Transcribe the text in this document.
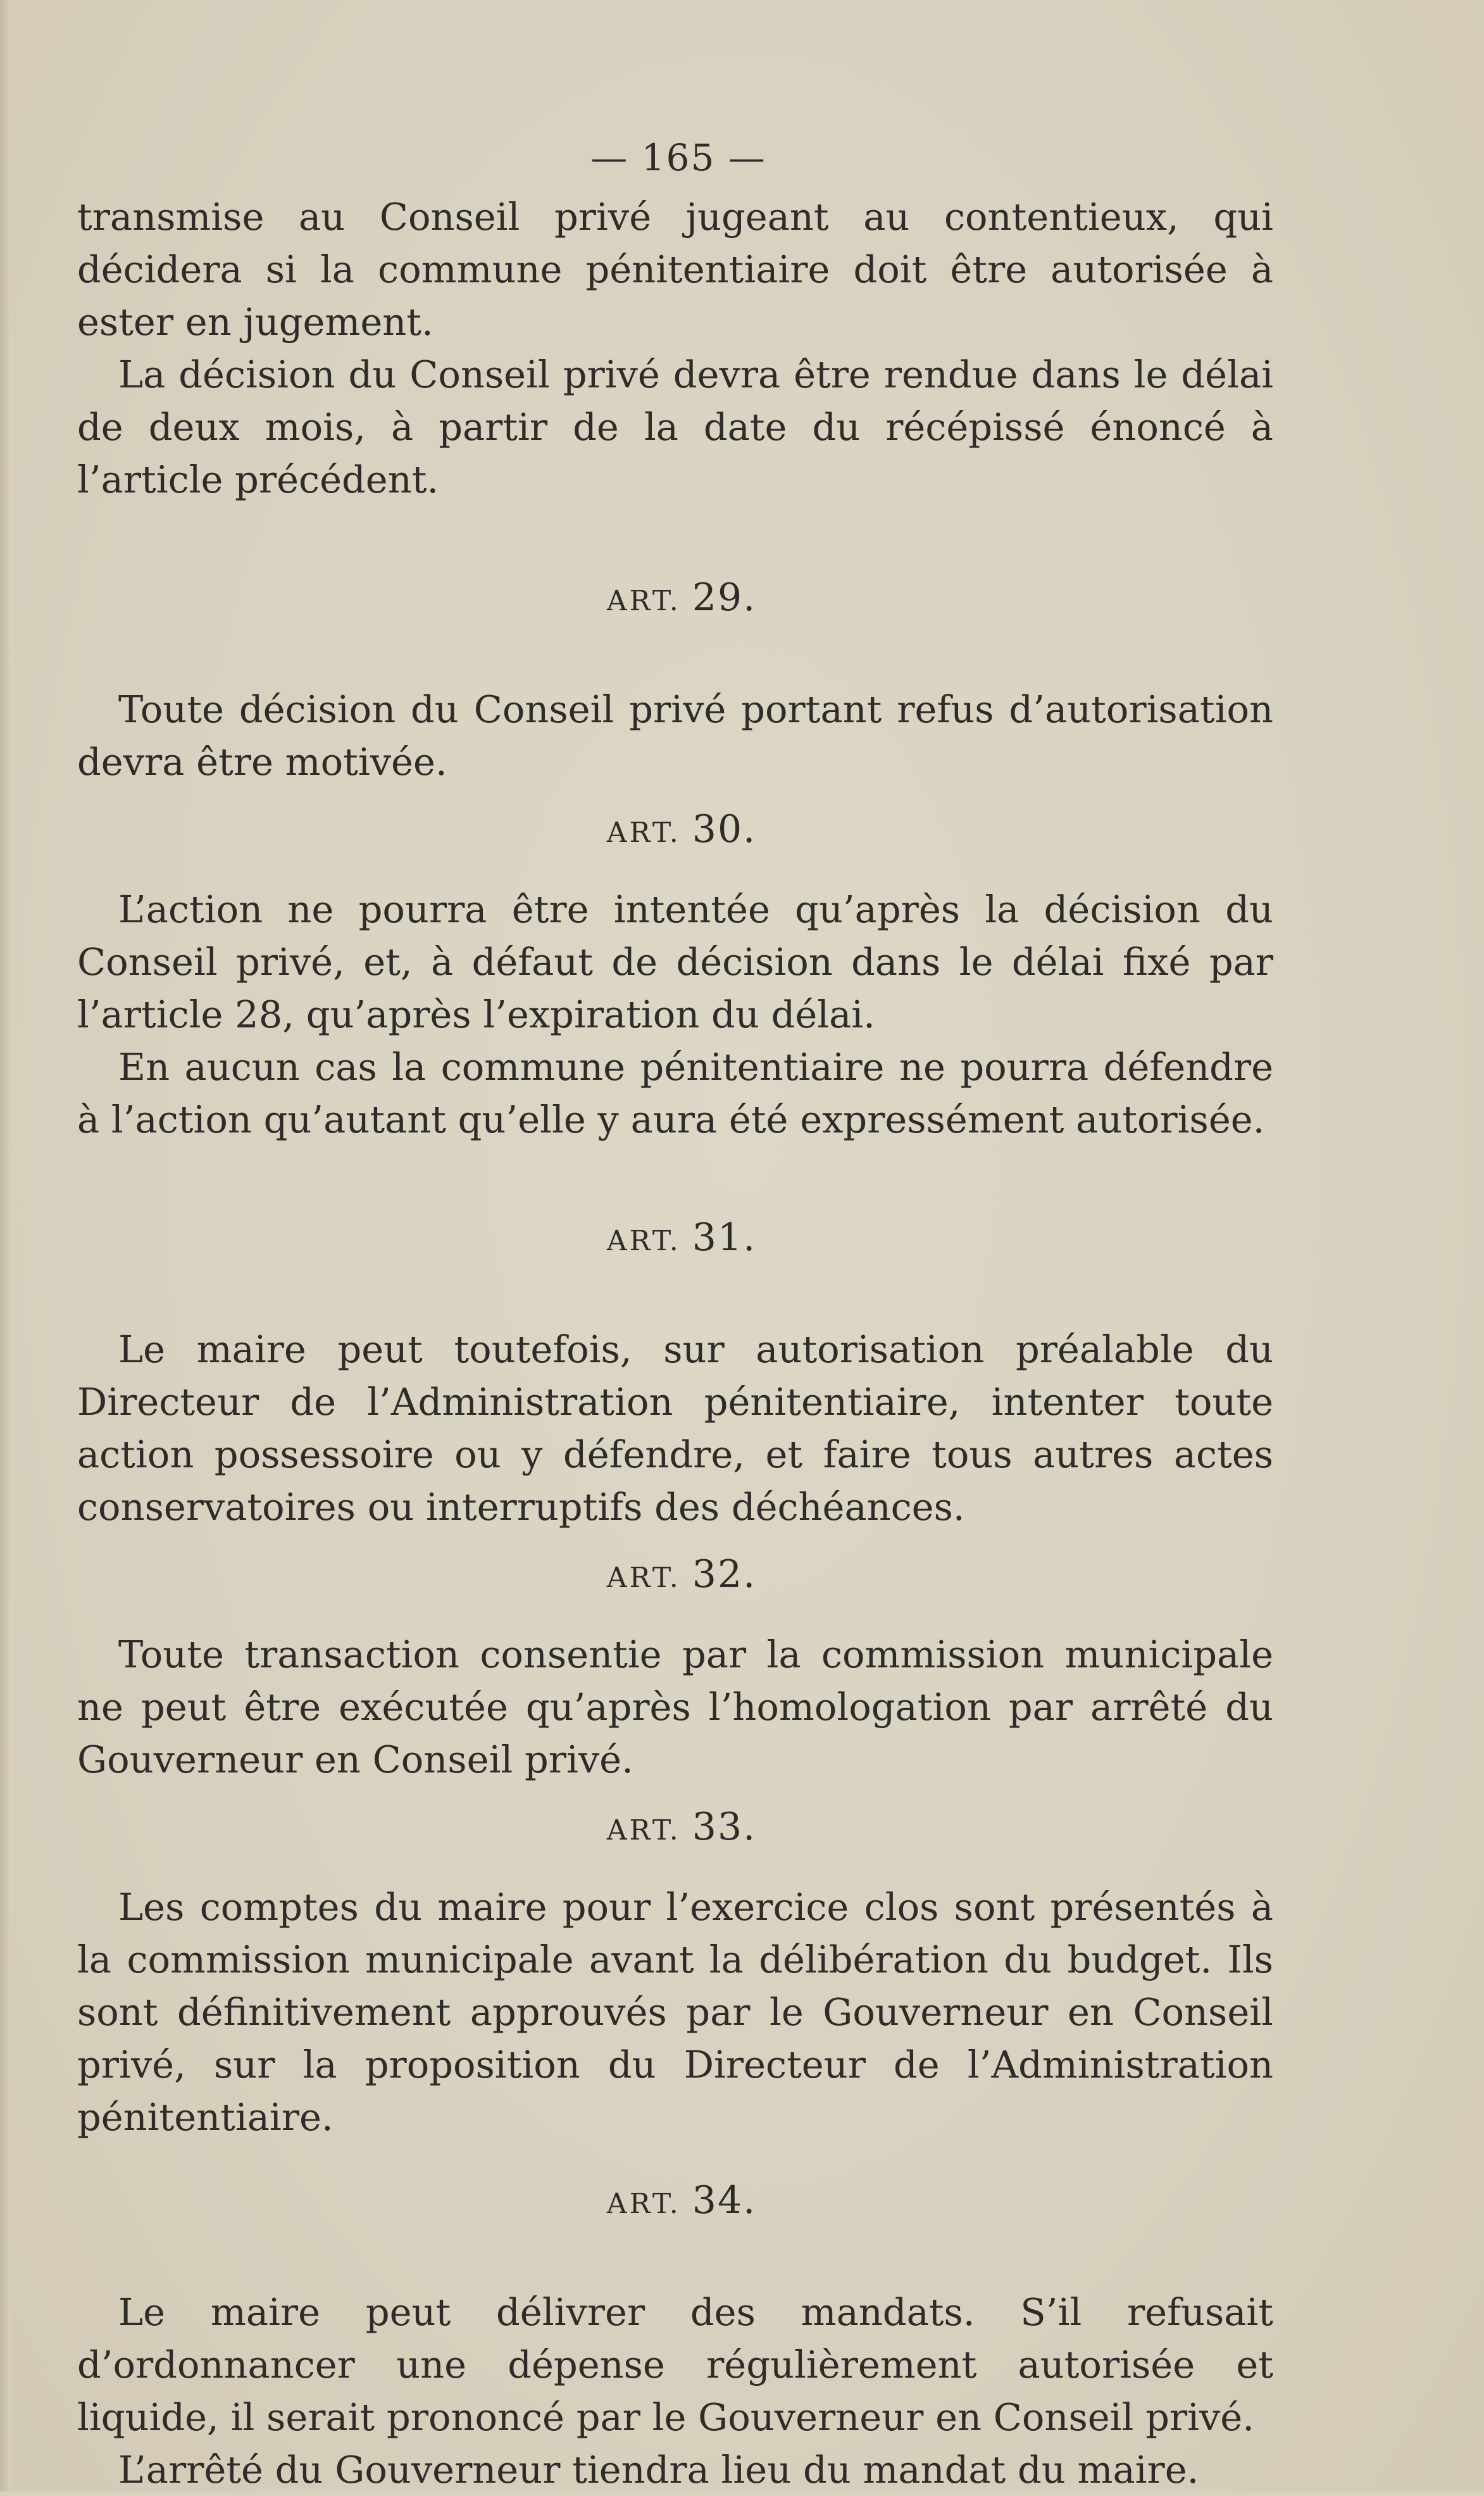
— 165 —

transmise au Conseil privé jugeant au contentieux, qui décidera si la commune pénitentiaire doit être autorisée à ester en jugement.

La décision du Conseil privé devra être rendue dans le délai de deux mois, à partir de la date du récépissé énoncé à l’article précédent.

ART. 29.

Toute décision du Conseil privé portant refus d’autorisation devra être motivée.

ART. 30.

L’action ne pourra être intentée qu’après la décision du Conseil privé, et, à défaut de décision dans le délai fixé par l’article 28, qu’après l’expiration du délai.

En aucun cas la commune pénitentiaire ne pourra défendre à l’action qu’autant qu’elle y aura été expressément autorisée.

ART. 31.

Le maire peut toutefois, sur autorisation préalable du Directeur de l’Administration pénitentiaire, intenter toute action possessoire ou y défendre, et faire tous autres actes conservatoires ou interruptifs des déchéances.

ART. 32.

Toute transaction consentie par la commission municipale ne peut être exécutée qu’après l’homologation par arrêté du Gouverneur en Conseil privé.

ART. 33.

Les comptes du maire pour l’exercice clos sont présentés à la commission municipale avant la délibération du budget. Ils sont définitivement approuvés par le Gouverneur en Conseil privé, sur la proposition du Directeur de l’Administration pénitentiaire.

ART. 34.

Le maire peut délivrer des mandats. S’il refusait d’ordonnancer une dépense régulièrement autorisée et liquide, il serait prononcé par le Gouverneur en Conseil privé.

L’arrêté du Gouverneur tiendra lieu du mandat du maire.
